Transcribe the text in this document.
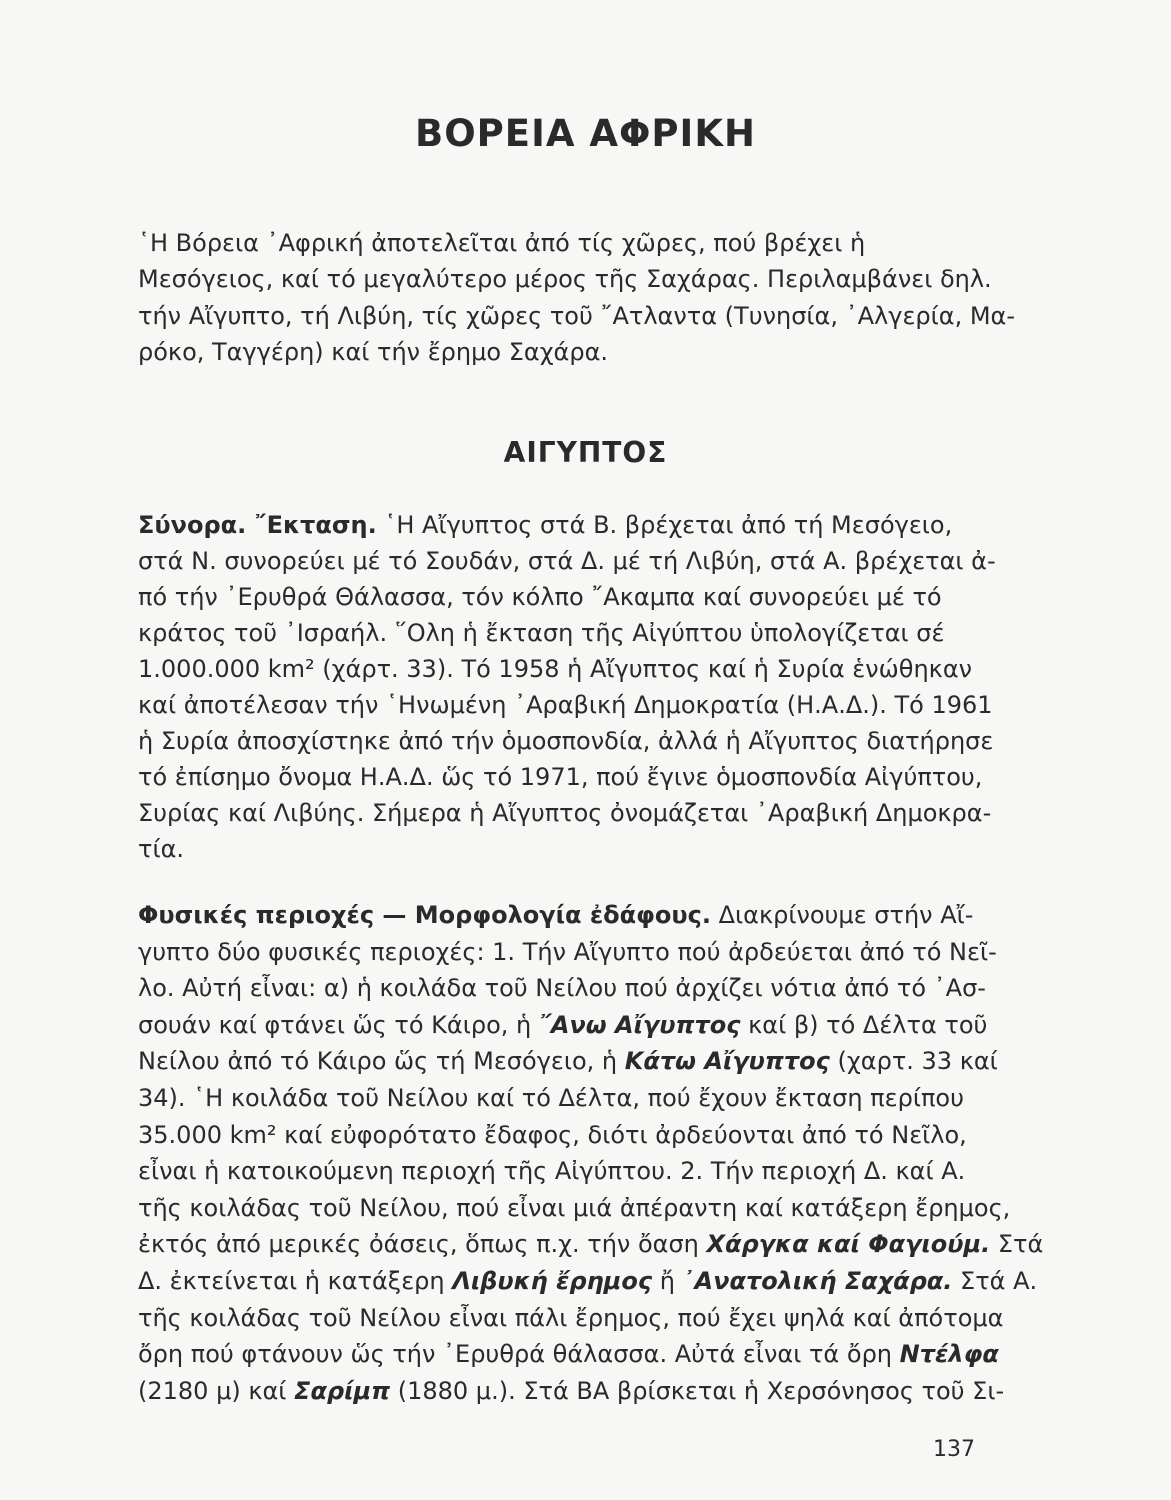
ΒΟΡΕΙΑ ΑΦΡΙΚΗ

῾Η Βόρεια ᾿Αφρική ἀποτελεῖται ἀπό τίς χῶρες, πού βρέχει ἡ
Μεσόγειος, καί τό μεγαλύτερο μέρος τῆς Σαχάρας. Περιλαμβάνει δηλ.
τήν Αἴγυπτο, τή Λιβύη, τίς χῶρες τοῦ ῎Ατλαντα (Τυνησία, ᾿Αλγερία, Μα-
ρόκο, Ταγγέρη) καί τήν ἔρημο Σαχάρα.

ΑΙΓΥΠΤΟΣ

Σύνορα. ῎Εκταση. ῾Η Αἴγυπτος στά Β. βρέχεται ἀπό τή Μεσόγειο,
στά Ν. συνορεύει μέ τό Σουδάν, στά Δ. μέ τή Λιβύη, στά Α. βρέχεται ἀ-
πό τήν ᾿Ερυθρά Θάλασσα, τόν κόλπο ῎Ακαμπα καί συνορεύει μέ τό
κράτος τοῦ ᾿Ισραήλ. ῞Ολη ἡ ἔκταση τῆς Αἰγύπτου ὑπολογίζεται σέ
1.000.000 km² (χάρτ. 33). Τό 1958 ἡ Αἴγυπτος καί ἡ Συρία ἑνώθηκαν
καί ἀποτέλεσαν τήν ῾Ηνωμένη ᾿Αραβική Δημοκρατία (Η.Α.Δ.). Τό 1961
ἡ Συρία ἀποσχίστηκε ἀπό τήν ὁμοσπονδία, ἀλλά ἡ Αἴγυπτος διατήρησε
τό ἐπίσημο ὄνομα Η.Α.Δ. ὥς τό 1971, πού ἔγινε ὁμοσπονδία Αἰγύπτου,
Συρίας καί Λιβύης. Σήμερα ἡ Αἴγυπτος ὀνομάζεται ᾿Αραβική Δημοκρα-
τία.

Φυσικές περιοχές — Μορφολογία ἐδάφους. Διακρίνουμε στήν Αἴ-
γυπτο δύο φυσικές περιοχές: 1. Τήν Αἴγυπτο πού ἀρδεύεται ἀπό τό Νεῖ-
λο. Αὐτή εἶναι: α) ἡ κοιλάδα τοῦ Νείλου πού ἀρχίζει νότια ἀπό τό ᾿Ασ-
σουάν καί φτάνει ὥς τό Κάιρο, ἡ ῎Ανω Αἴγυπτος καί β) τό Δέλτα τοῦ
Νείλου ἀπό τό Κάιρο ὥς τή Μεσόγειο, ἡ Κάτω Αἴγυπτος (χαρτ. 33 καί
34). ῾Η κοιλάδα τοῦ Νείλου καί τό Δέλτα, πού ἔχουν ἔκταση περίπου
35.000 km² καί εὐφορότατο ἔδαφος, διότι ἀρδεύονται ἀπό τό Νεῖλο,
εἶναι ἡ κατοικούμενη περιοχή τῆς Αἰγύπτου. 2. Τήν περιοχή Δ. καί Α.
τῆς κοιλάδας τοῦ Νείλου, πού εἶναι μιά ἀπέραντη καί κατάξερη ἔρημος,
ἐκτός ἀπό μερικές ὀάσεις, ὅπως π.χ. τήν ὄαση Χάργκα καί Φαγιούμ. Στά
Δ. ἐκτείνεται ἡ κατάξερη Λιβυκή ἔρημος ἤ ᾿Ανατολική Σαχάρα. Στά Α.
τῆς κοιλάδας τοῦ Νείλου εἶναι πάλι ἔρημος, πού ἔχει ψηλά καί ἀπότομα
ὄρη πού φτάνουν ὥς τήν ᾿Ερυθρά θάλασσα. Αὐτά εἶναι τά ὄρη Ντέλφα
(2180 μ) καί Σαρίμπ (1880 μ.). Στά ΒΑ βρίσκεται ἡ Χερσόνησος τοῦ Σι-

137
